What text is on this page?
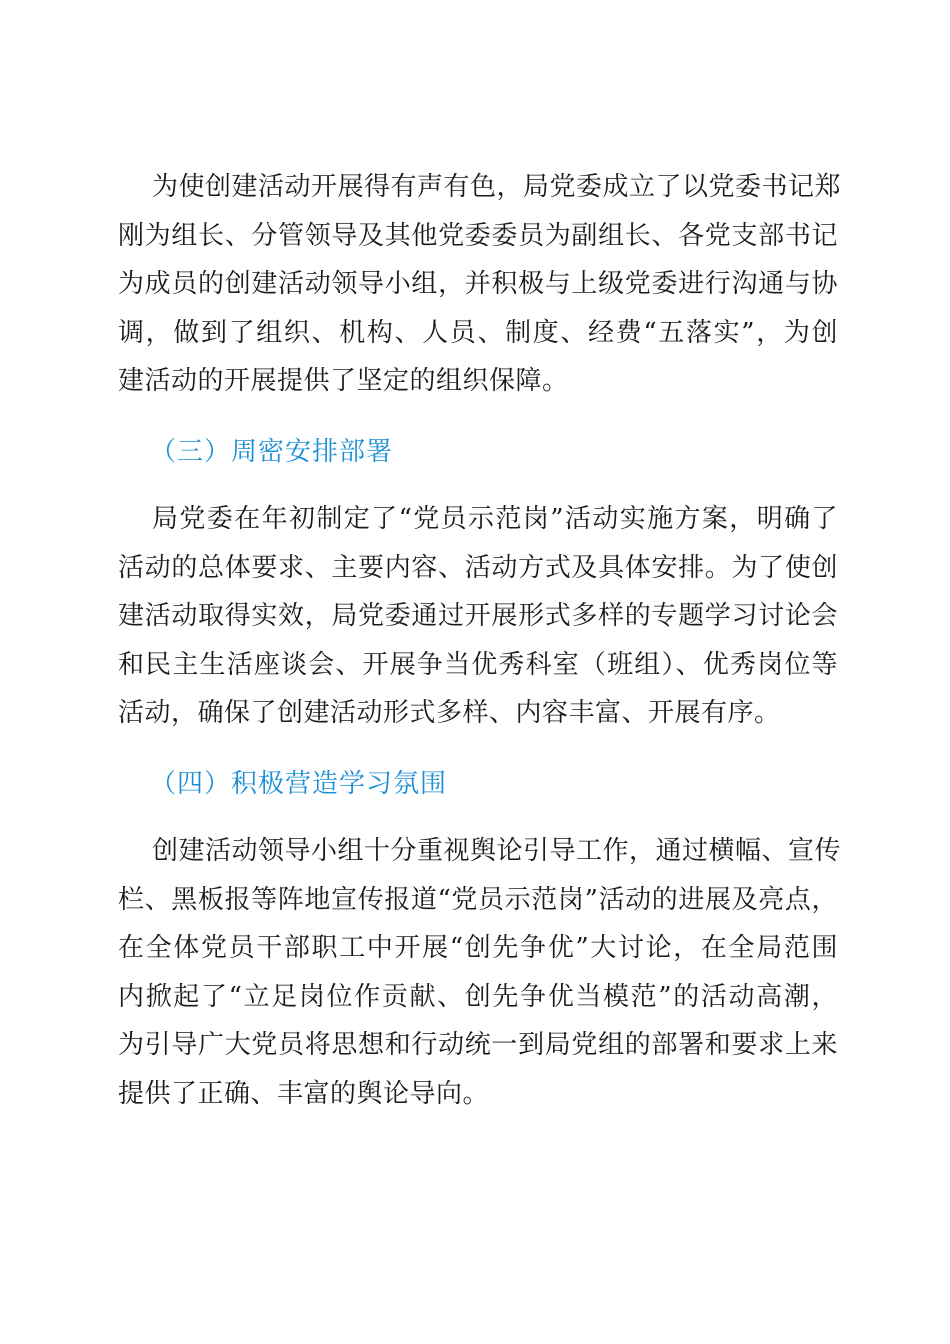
为使创建活动开展得有声有色，局党委成立了以党委书记郑
刚为组长、分管领导及其他党委委员为副组长、各党支部书记
为成员的创建活动领导小组，并积极与上级党委进行沟通与协
调，做到了组织、机构、人员、制度、经费“五落实”，为创
建活动的开展提供了坚定的组织保障。
（三）周密安排部署
局党委在年初制定了“党员示范岗”活动实施方案，明确了
活动的总体要求、主要内容、活动方式及具体安排。为了使创
建活动取得实效，局党委通过开展形式多样的专题学习讨论会
和民主生活座谈会、开展争当优秀科室（班组）、优秀岗位等
活动，确保了创建活动形式多样、内容丰富、开展有序。
（四）积极营造学习氛围
创建活动领导小组十分重视舆论引导工作，通过横幅、宣传
栏、黑板报等阵地宣传报道“党员示范岗”活动的进展及亮点，
在全体党员干部职工中开展“创先争优”大讨论，在全局范围
内掀起了“立足岗位作贡献、创先争优当模范”的活动高潮，
为引导广大党员将思想和行动统一到局党组的部署和要求上来
提供了正确、丰富的舆论导向。
